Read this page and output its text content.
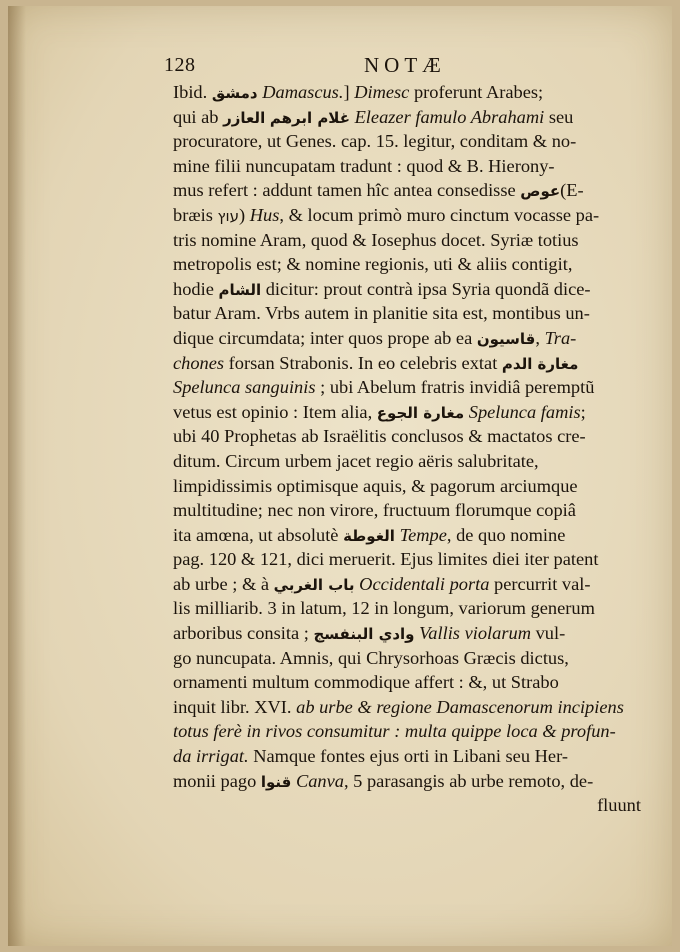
128	NOTÆ
Ibid. دمشق Damascus.] Dimesc proferunt Arabes;
qui ab العازر غلام ابرهم Eleazer famulo Abrahami seu
procuratore, ut Genes. cap. 15. legitur, conditam & no-
mine filii nuncupatam tradunt : quod & B. Hierony-
mus refert : addunt tamen hîc antea consedisse عوص(E-
bræis עוץ) Hus, & locum primò muro cinctum vocasse pa-
tris nomine Aram, quod & Iosephus docet. Syriæ totius
metropolis est; & nomine regionis, uti & aliis contigit,
hodie الشام dicitur: prout contrà ipsa Syria quondã dice-
batur Aram. Vrbs autem in planitie sita est, montibus un-
dique circumdata; inter quos prope ab ea قاسيون, Tra-
chones forsan Strabonis. In eo celebris extat مغارة الدم
Spelunca sanguinis ; ubi Abelum fratris invidiâ peremptũ
vetus est opinio : Item alia, مغارة الجوع Spelunca famis;
ubi 40 Prophetas ab Israëlitis conclusos & mactatos cre-
ditum. Circum urbem jacet regio aëris salubritate,
limpidissimis optimisque aquis, & pagorum arciumque
multitudine; nec non virore, fructuum florumque copiâ
ita amœna, ut absolutè الغوطة Tempe, de quo nomine
pag. 120 & 121, dici meruerit. Ejus limites diei iter patent
ab urbe ; & à باب الغربي Occidentali porta percurrit val-
lis milliarib. 3 in latum, 12 in longum, variorum generum
arboribus consita ; وادي البنفسج Vallis violarum vul-
go nuncupata. Amnis, qui Chrysorhoas Græcis dictus,
ornamenti multum commodique affert : &, ut Strabo
inquit libr. XVI. ab urbe & regione Damascenorum incipiens
totus ferè in rivos consumitur : multa quippe loca & profun-
da irrigat. Namque fontes ejus orti in Libani seu Her-
monii pago قنوا Canva, 5 parasangis ab urbe remoto, de-
fluunt
